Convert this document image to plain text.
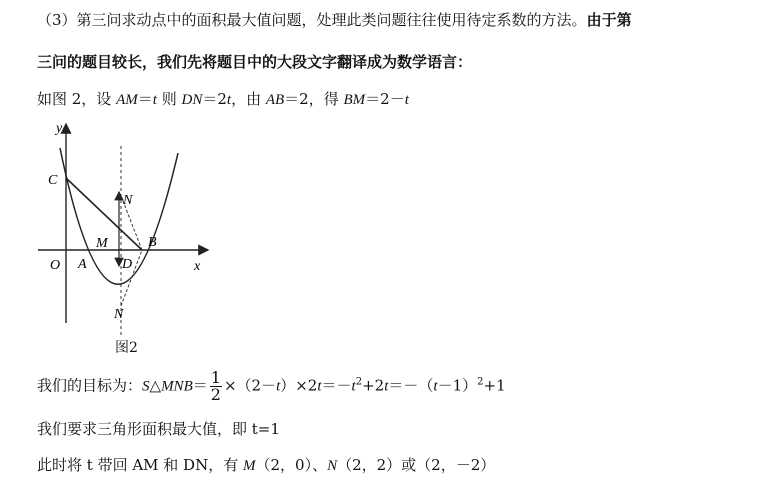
（3）第三问求动点中的面积最大值问题，处理此类问题往往使用待定系数的方法。由于第
三问的题目较长，我们先将题目中的大段文字翻译成为数学语言：
如图 2，设 AM＝t 则 DN＝2t，由 AB＝2，得 BM＝2－t
y
x
O A
B
C
D
M
N
N
图2
我们的目标为：S△MNB＝ $\frac{1}{2} \times(2-t)\times 2t=-t^2+2t=-(t-1)^2+1$
我们要求三角形面积最大值，即 t=1
此时将 t 带回 AM 和 DN，有 M（2，0）、N（2，2）或（2，－2）
